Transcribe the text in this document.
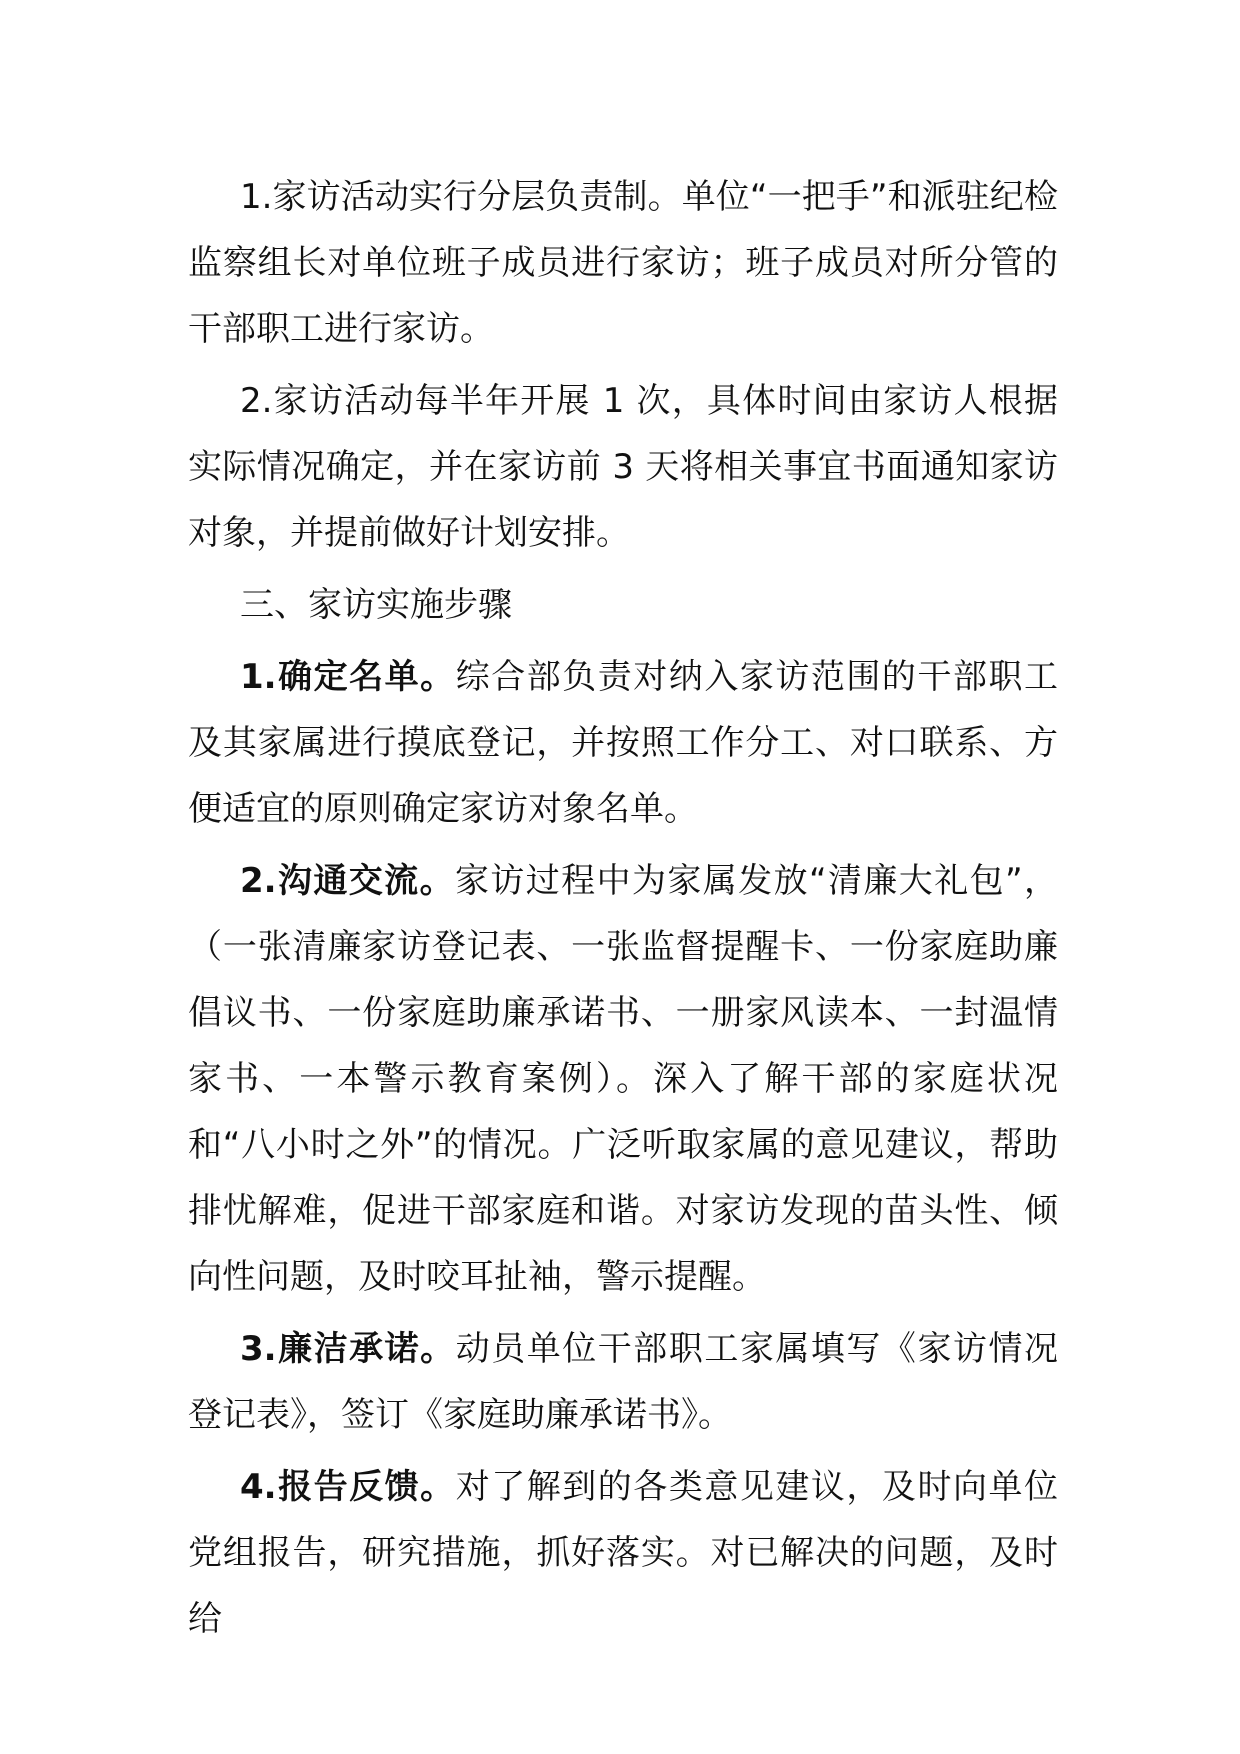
1.家访活动实行分层负责制。单位“一把手”和派驻纪检监察组长对单位班子成员进行家访；班子成员对所分管的干部职工进行家访。

2.家访活动每半年开展 1 次，具体时间由家访人根据实际情况确定，并在家访前 3 天将相关事宜书面通知家访对象，并提前做好计划安排。

三、家访实施步骤

1.确定名单。综合部负责对纳入家访范围的干部职工及其家属进行摸底登记，并按照工作分工、对口联系、方便适宜的原则确定家访对象名单。

2.沟通交流。家访过程中为家属发放“清廉大礼包”，（一张清廉家访登记表、一张监督提醒卡、一份家庭助廉倡议书、一份家庭助廉承诺书、一册家风读本、一封温情家书、一本警示教育案例）。深入了解干部的家庭状况和“八小时之外”的情况。广泛听取家属的意见建议，帮助排忧解难，促进干部家庭和谐。对家访发现的苗头性、倾向性问题，及时咬耳扯袖，警示提醒。

3.廉洁承诺。动员单位干部职工家属填写《家访情况登记表》，签订《家庭助廉承诺书》。

4.报告反馈。对了解到的各类意见建议，及时向单位党组报告，研究措施，抓好落实。对已解决的问题，及时给
